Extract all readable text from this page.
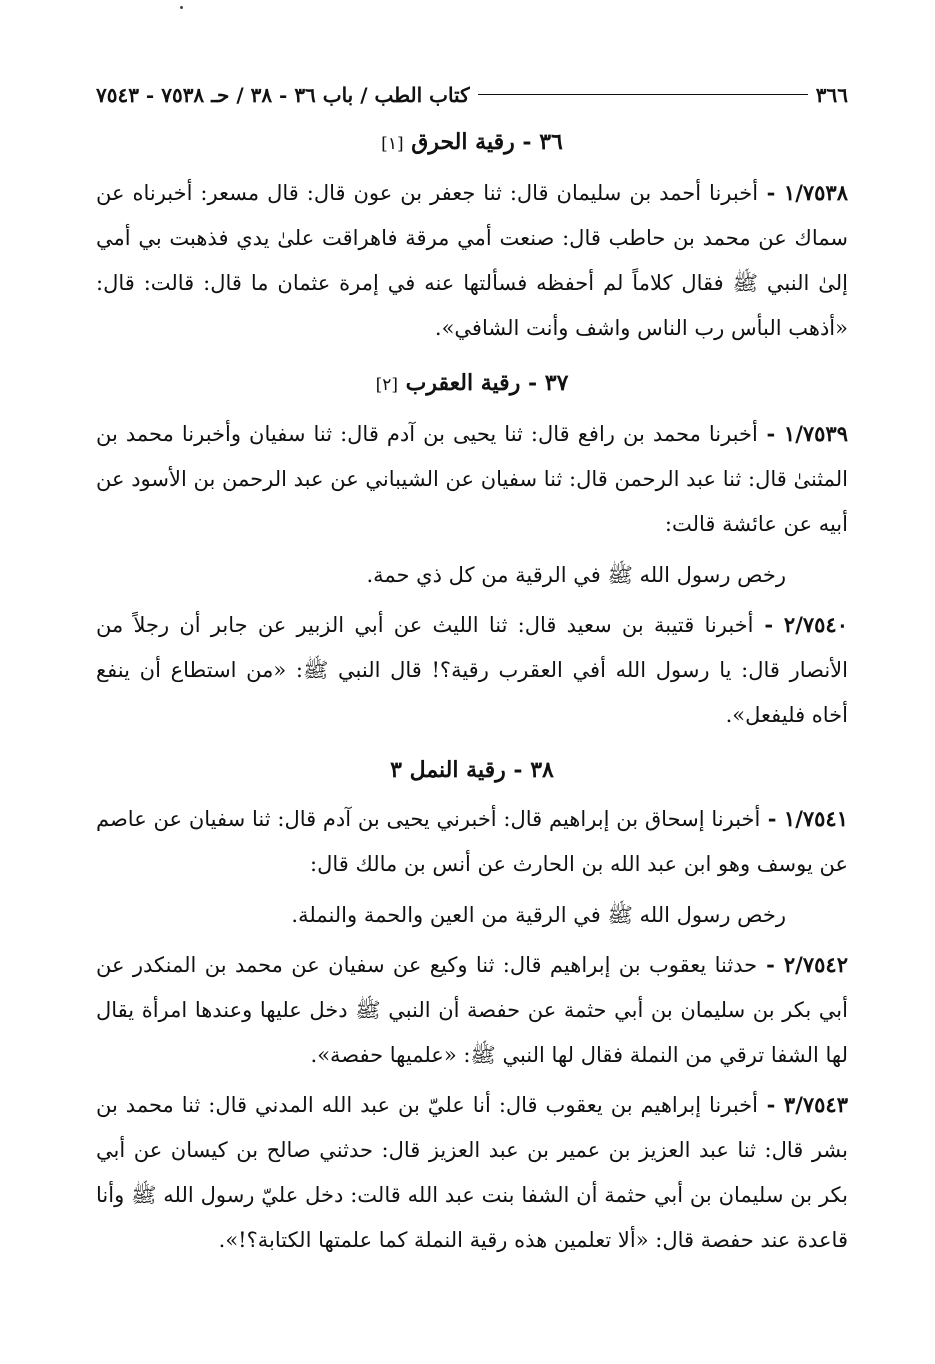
٣٦٦
كتاب الطب / باب ٣٦ - ٣٨ / حـ ٧٥٣٨ - ٧٥٤٣
٣٦ - رقية الحرق [١]

١/٧٥٣٨ - أخبرنا أحمد بن سليمان قال: ثنا جعفر بن عون قال: قال مسعر: أخبرناه عن سماك عن محمد بن حاطب قال: صنعت أمي مرقة فاهراقت علىٰ يدي فذهبت بي أمي إلىٰ النبي ﷺ فقال كلاماً لم أحفظه فسألتها عنه في إمرة عثمان ما قال: قالت: قال: «أذهب البأس رب الناس واشف وأنت الشافي».

٣٧ - رقية العقرب [٢]

١/٧٥٣٩ - أخبرنا محمد بن رافع قال: ثنا يحيى بن آدم قال: ثنا سفيان وأخبرنا محمد بن المثنىٰ قال: ثنا عبد الرحمن قال: ثنا سفيان عن الشيباني عن عبد الرحمن بن الأسود عن أبيه عن عائشة قالت:

رخص رسول الله ﷺ في الرقية من كل ذي حمة.

٢/٧٥٤٠ - أخبرنا قتيبة بن سعيد قال: ثنا الليث عن أبي الزبير عن جابر أن رجلاً من الأنصار قال: يا رسول الله أفي العقرب رقية؟! قال النبي ﷺ: «من استطاع أن ينفع أخاه فليفعل».

٣٨ - رقية النمل ٣

١/٧٥٤١ - أخبرنا إسحاق بن إبراهيم قال: أخبرني يحيى بن آدم قال: ثنا سفيان عن عاصم عن يوسف وهو ابن عبد الله بن الحارث عن أنس بن مالك قال:

رخص رسول الله ﷺ في الرقية من العين والحمة والنملة.

٢/٧٥٤٢ - حدثنا يعقوب بن إبراهيم قال: ثنا وكيع عن سفيان عن محمد بن المنكدر عن أبي بكر بن سليمان بن أبي حثمة عن حفصة أن النبي ﷺ دخل عليها وعندها امرأة يقال لها الشفا ترقي من النملة فقال لها النبي ﷺ: «علميها حفصة».

٣/٧٥٤٣ - أخبرنا إبراهيم بن يعقوب قال: أنا عليّ بن عبد الله المدني قال: ثنا محمد بن بشر قال: ثنا عبد العزيز بن عمير بن عبد العزيز قال: حدثني صالح بن كيسان عن أبي بكر بن سليمان بن أبي حثمة أن الشفا بنت عبد الله قالت: دخل عليّ رسول الله ﷺ وأنا قاعدة عند حفصة قال: «ألا تعلمين هذه رقية النملة كما علمتها الكتابة؟!».
